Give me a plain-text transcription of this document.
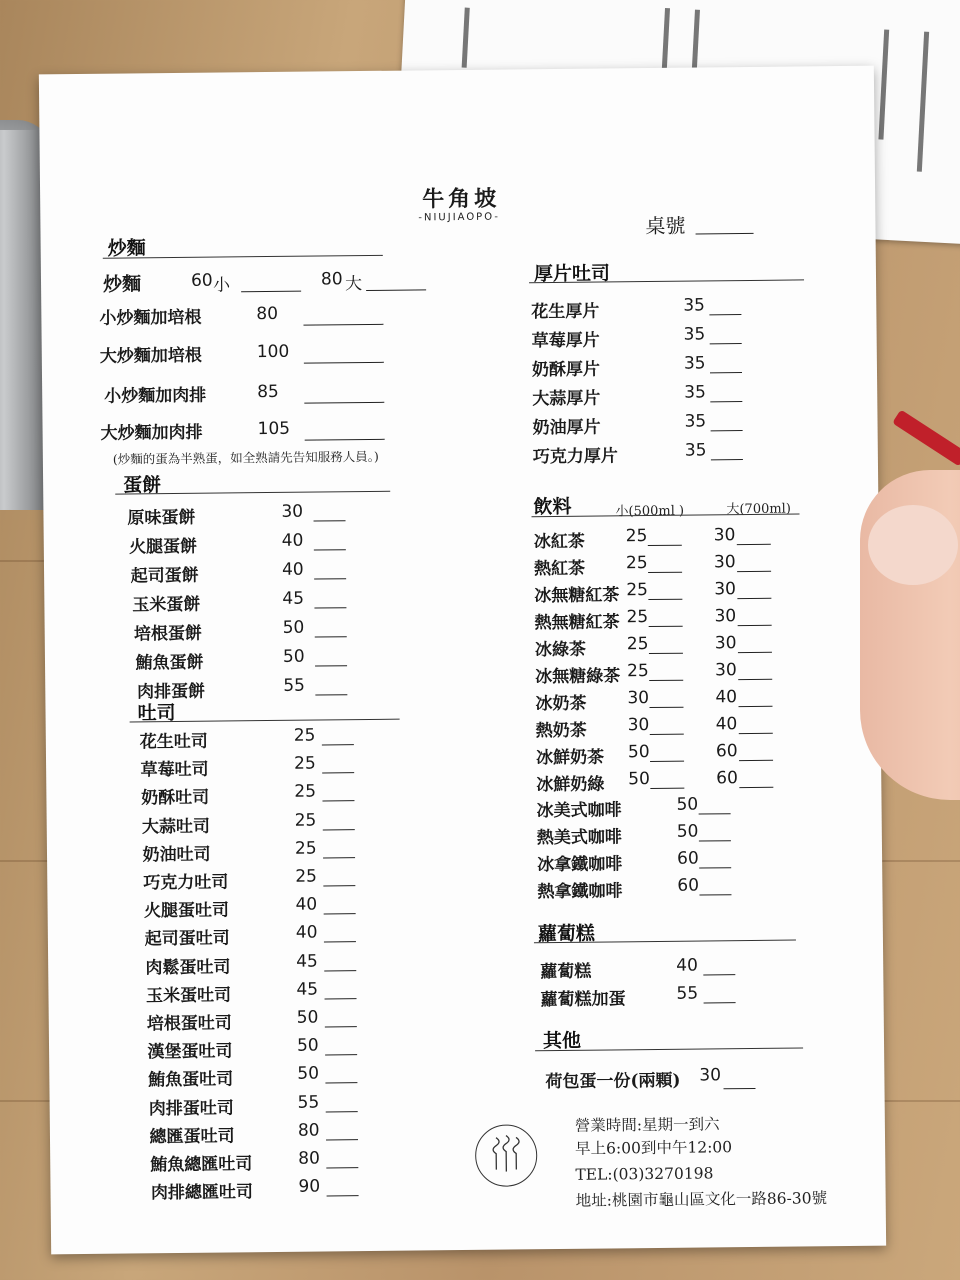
牛角坡
-NIUJIAOPO-	桌號
炒麵
炒麵	60 小	80 大
小炒麵加培根	80
大炒麵加培根	100
小炒麵加肉排	85
大炒麵加肉排	105
(炒麵的蛋為半熟蛋，如全熟請先告知服務人員。)
蛋餅
原味蛋餅	30
火腿蛋餅	40
起司蛋餅	40
玉米蛋餅	45
培根蛋餅	50
鮪魚蛋餅	50
肉排蛋餅	55
吐司
花生吐司	25
草莓吐司	25
奶酥吐司	25
大蒜吐司	25
奶油吐司	25
巧克力吐司	25
火腿蛋吐司	40
起司蛋吐司	40
肉鬆蛋吐司	45
玉米蛋吐司	45
培根蛋吐司	50
漢堡蛋吐司	50
鮪魚蛋吐司	50
肉排蛋吐司	55
總匯蛋吐司	80
鮪魚總匯吐司	80
肉排總匯吐司	90
厚片吐司
花生厚片	35
草莓厚片	35
奶酥厚片	35
大蒜厚片	35
奶油厚片	35
巧克力厚片	35
飲料	小(500ml )	大(700ml)
冰紅茶 25	30
熱紅茶 25	30
冰無糖紅茶 25	30
熱無糖紅茶 25	30
冰綠茶 25	30
冰無糖綠茶 25	30
冰奶茶 30	40
熱奶茶 30	40
冰鮮奶茶 50	60
冰鮮奶綠 50	60
冰美式咖啡	50
熱美式咖啡	50
冰拿鐵咖啡	60
熱拿鐵咖啡	60
蘿蔔糕
蘿蔔糕	40
蘿蔔糕加蛋	55
其他
荷包蛋一份(兩顆) 30
營業時間:星期一到六
早上6:00到中午12:00
TEL:(03)3270198
地址:桃園市龜山區文化一路86-30號
